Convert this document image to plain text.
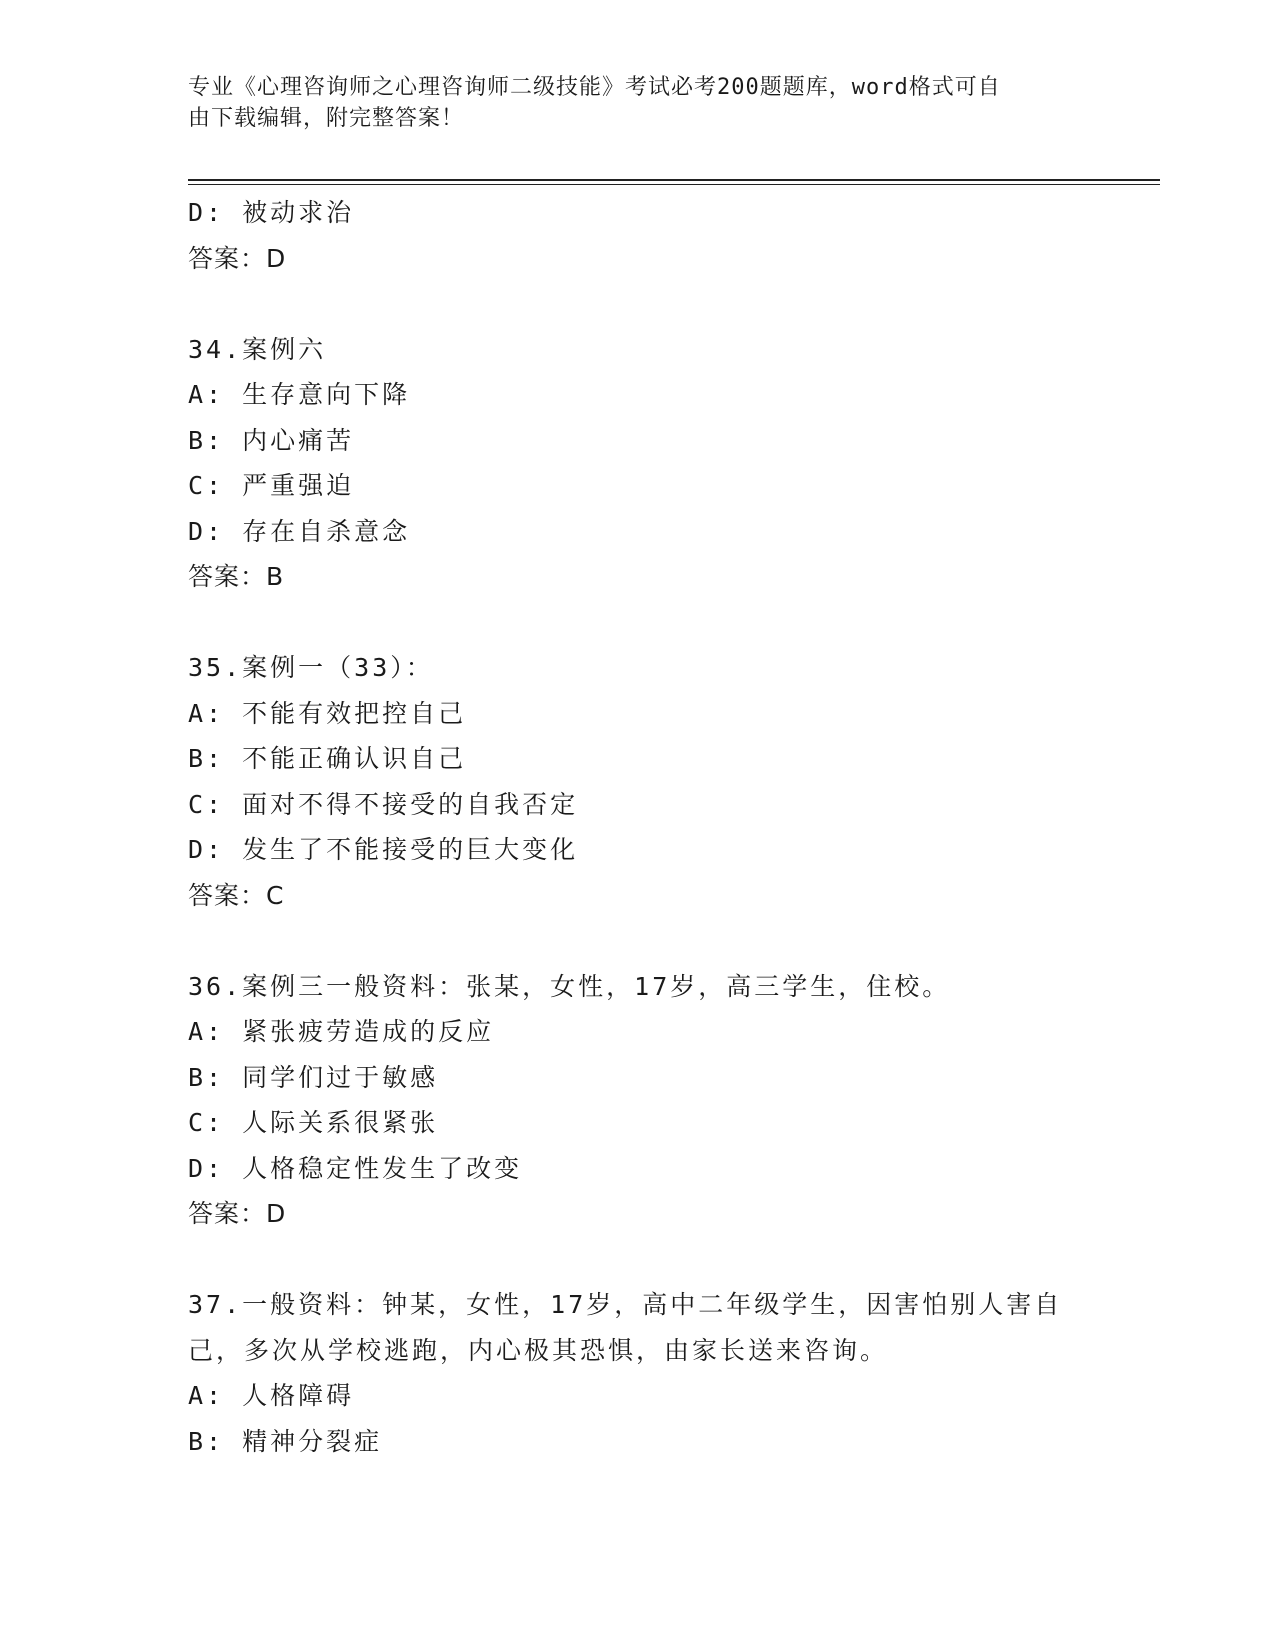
专业《心理咨询师之心理咨询师二级技能》考试必考200题题库，word格式可自
由下载编辑，附完整答案！
D: 被动求治
答案：D
34.案例六
A: 生存意向下降
B: 内心痛苦
C: 严重强迫
D: 存在自杀意念
答案：B
35.案例一（33）：
A: 不能有效把控自己
B: 不能正确认识自己
C: 面对不得不接受的自我否定
D: 发生了不能接受的巨大变化
答案：C
36.案例三一般资料：张某，女性，17岁，高三学生，住校。
A: 紧张疲劳造成的反应
B: 同学们过于敏感
C: 人际关系很紧张
D: 人格稳定性发生了改变
答案：D
37.一般资料：钟某，女性，17岁，高中二年级学生，因害怕别人害自
己，多次从学校逃跑，内心极其恐惧，由家长送来咨询。
A: 人格障碍
B: 精神分裂症
